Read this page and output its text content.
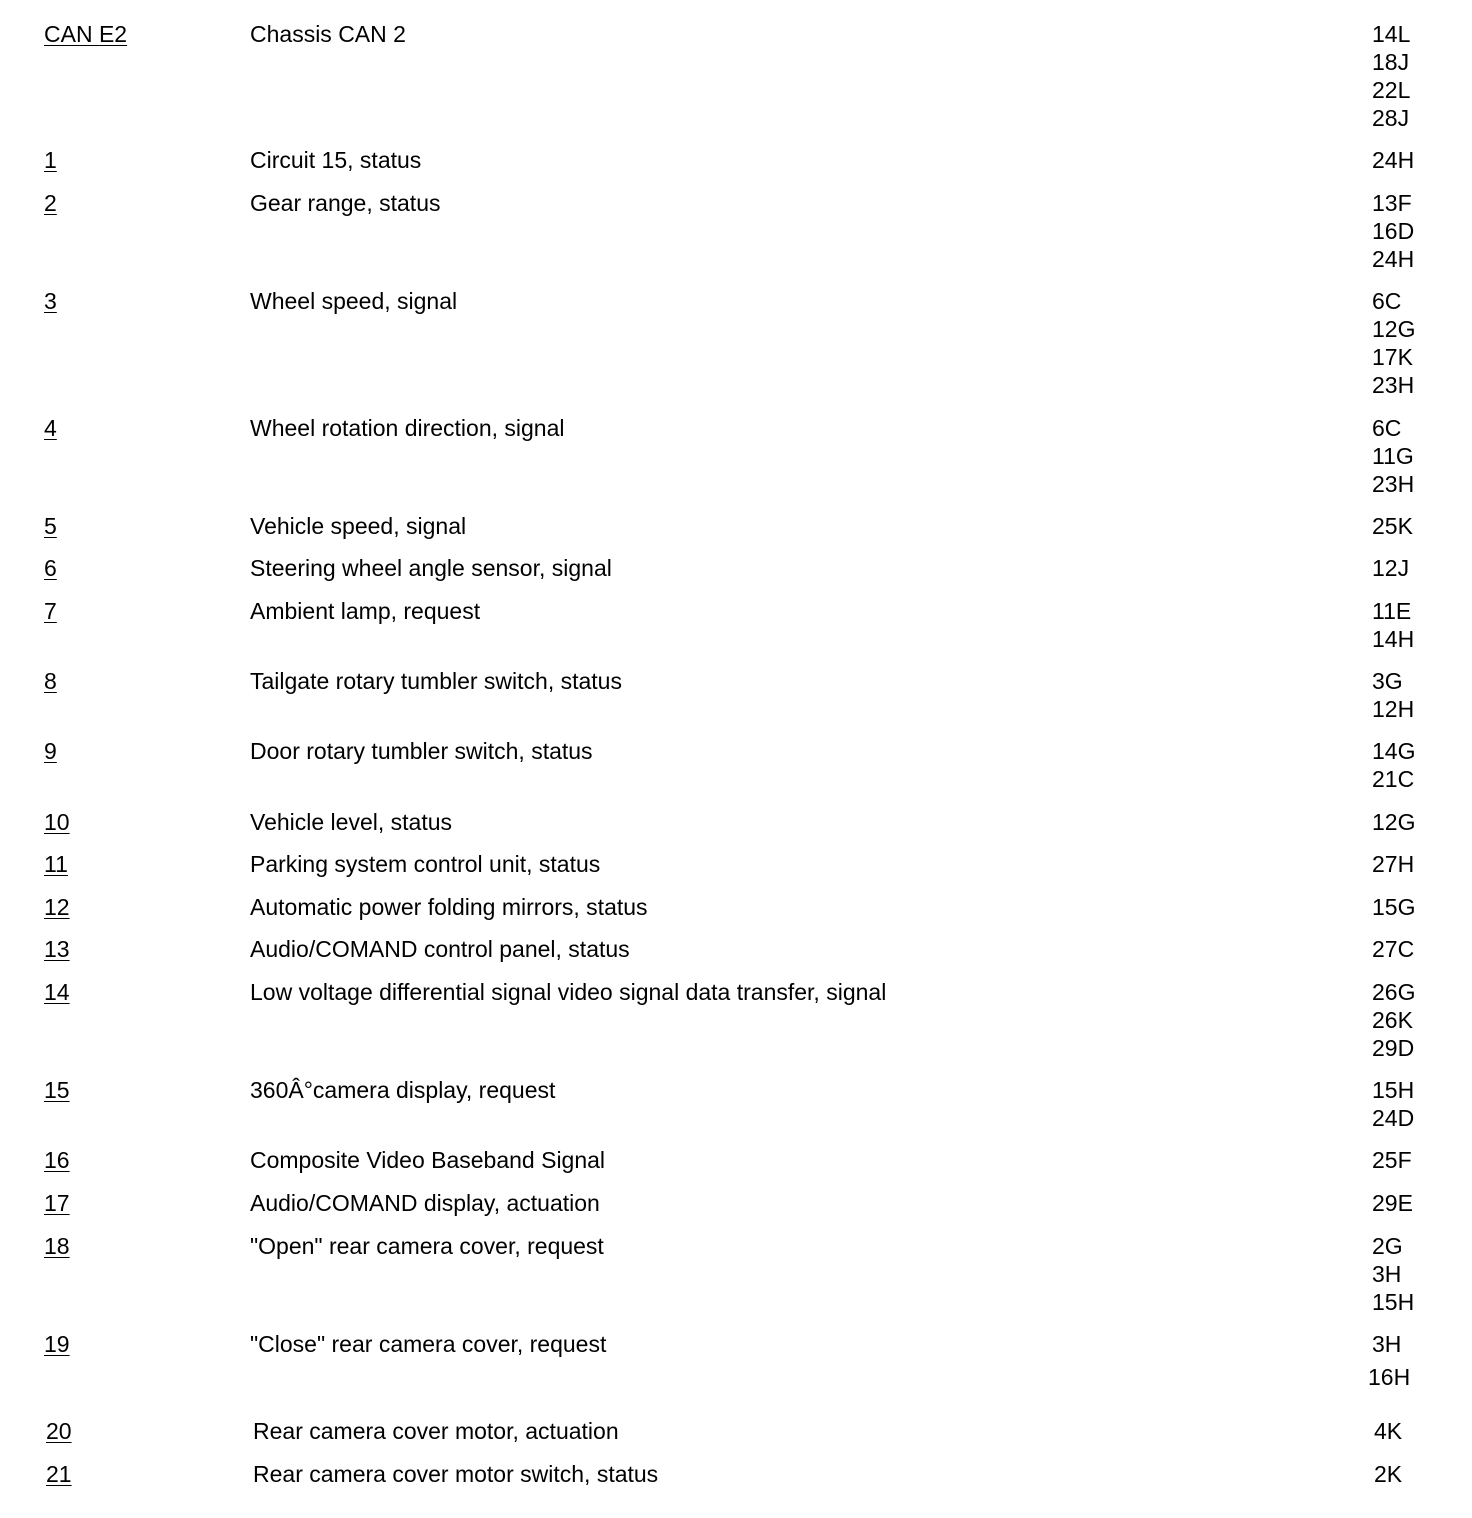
CAN E2	Chassis CAN 2	14L
18J
22L
28J
1	Circuit 15, status	24H
2	Gear range, status	13F
16D
24H
3	Wheel speed, signal	6C
12G
17K
23H
4	Wheel rotation direction, signal	6C
11G
23H
5	Vehicle speed, signal	25K
6	Steering wheel angle sensor, signal	12J
7	Ambient lamp, request	11E
14H
8	Tailgate rotary tumbler switch, status	3G
12H
9	Door rotary tumbler switch, status	14G
21C
10	Vehicle level, status	12G
11	Parking system control unit, status	27H
12	Automatic power folding mirrors, status	15G
13	Audio/COMAND control panel, status	27C
14	Low voltage differential signal video signal data transfer, signal	26G
26K
29D
15	360Â°camera display, request	15H
24D
16	Composite Video Baseband Signal	25F
17	Audio/COMAND display, actuation	29E
18	"Open" rear camera cover, request	2G
3H
15H
19	"Close" rear camera cover, request	3H
16H
20	Rear camera cover motor, actuation	4K
21	Rear camera cover motor switch, status	2K
